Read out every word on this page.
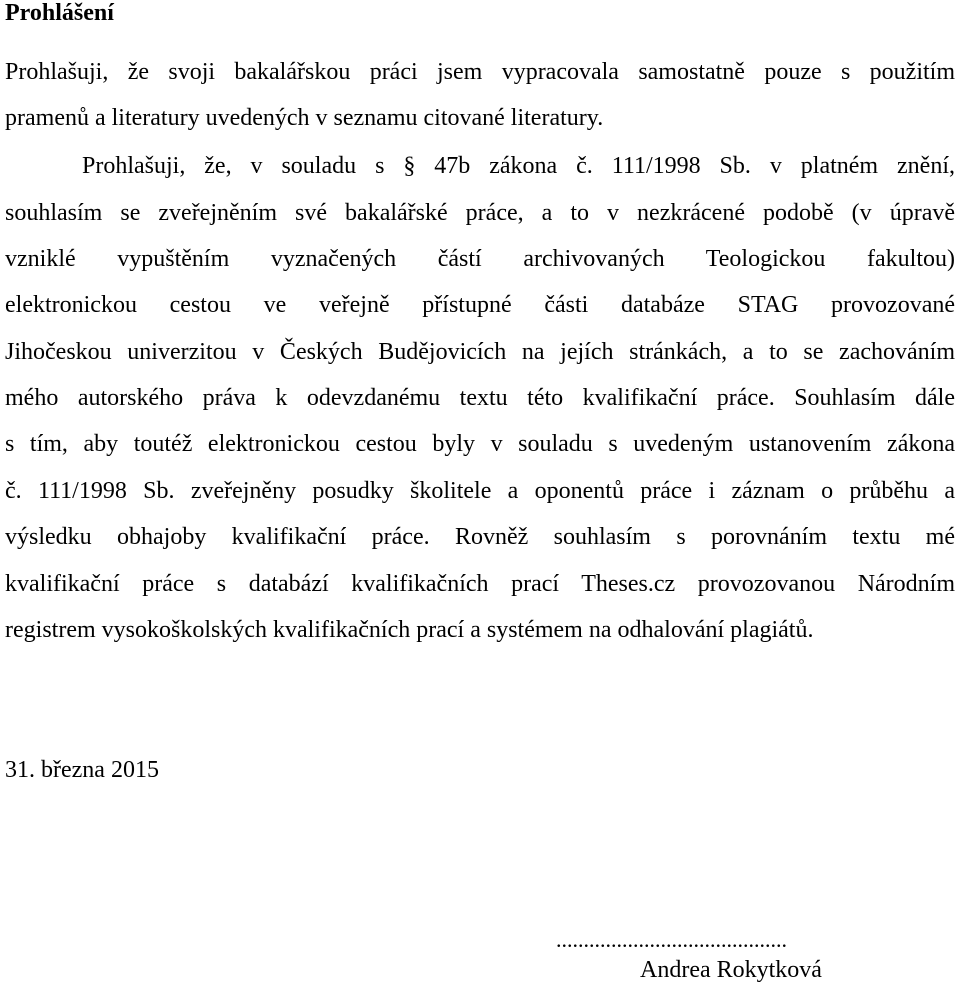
Prohlášení
Prohlašuji, že svoji bakalářskou práci jsem vypracovala samostatně pouze s použitím
pramenů a literatury uvedených v seznamu citované literatury.
Prohlašuji, že, v souladu s § 47b zákona č. 111/1998 Sb. v platném znění,
souhlasím se zveřejněním své bakalářské práce, a to v nezkrácené podobě (v úpravě
vzniklé vypuštěním vyznačených částí archivovaných Teologickou fakultou)
elektronickou cestou ve veřejně přístupné části databáze STAG provozované
Jihočeskou univerzitou v Českých Budějovicích na jejích stránkách, a to se zachováním
mého autorského práva k odevzdanému textu této kvalifikační práce. Souhlasím dále
s tím, aby toutéž elektronickou cestou byly v souladu s uvedeným ustanovením zákona
č. 111/1998 Sb. zveřejněny posudky školitele a oponentů práce i záznam o průběhu a
výsledku obhajoby kvalifikační práce. Rovněž souhlasím s porovnáním textu mé
kvalifikační práce s databází kvalifikačních prací Theses.cz provozovanou Národním
registrem vysokoškolských kvalifikačních prací a systémem na odhalování plagiátů.
31. března 2015
..........................................
Andrea Rokytková
